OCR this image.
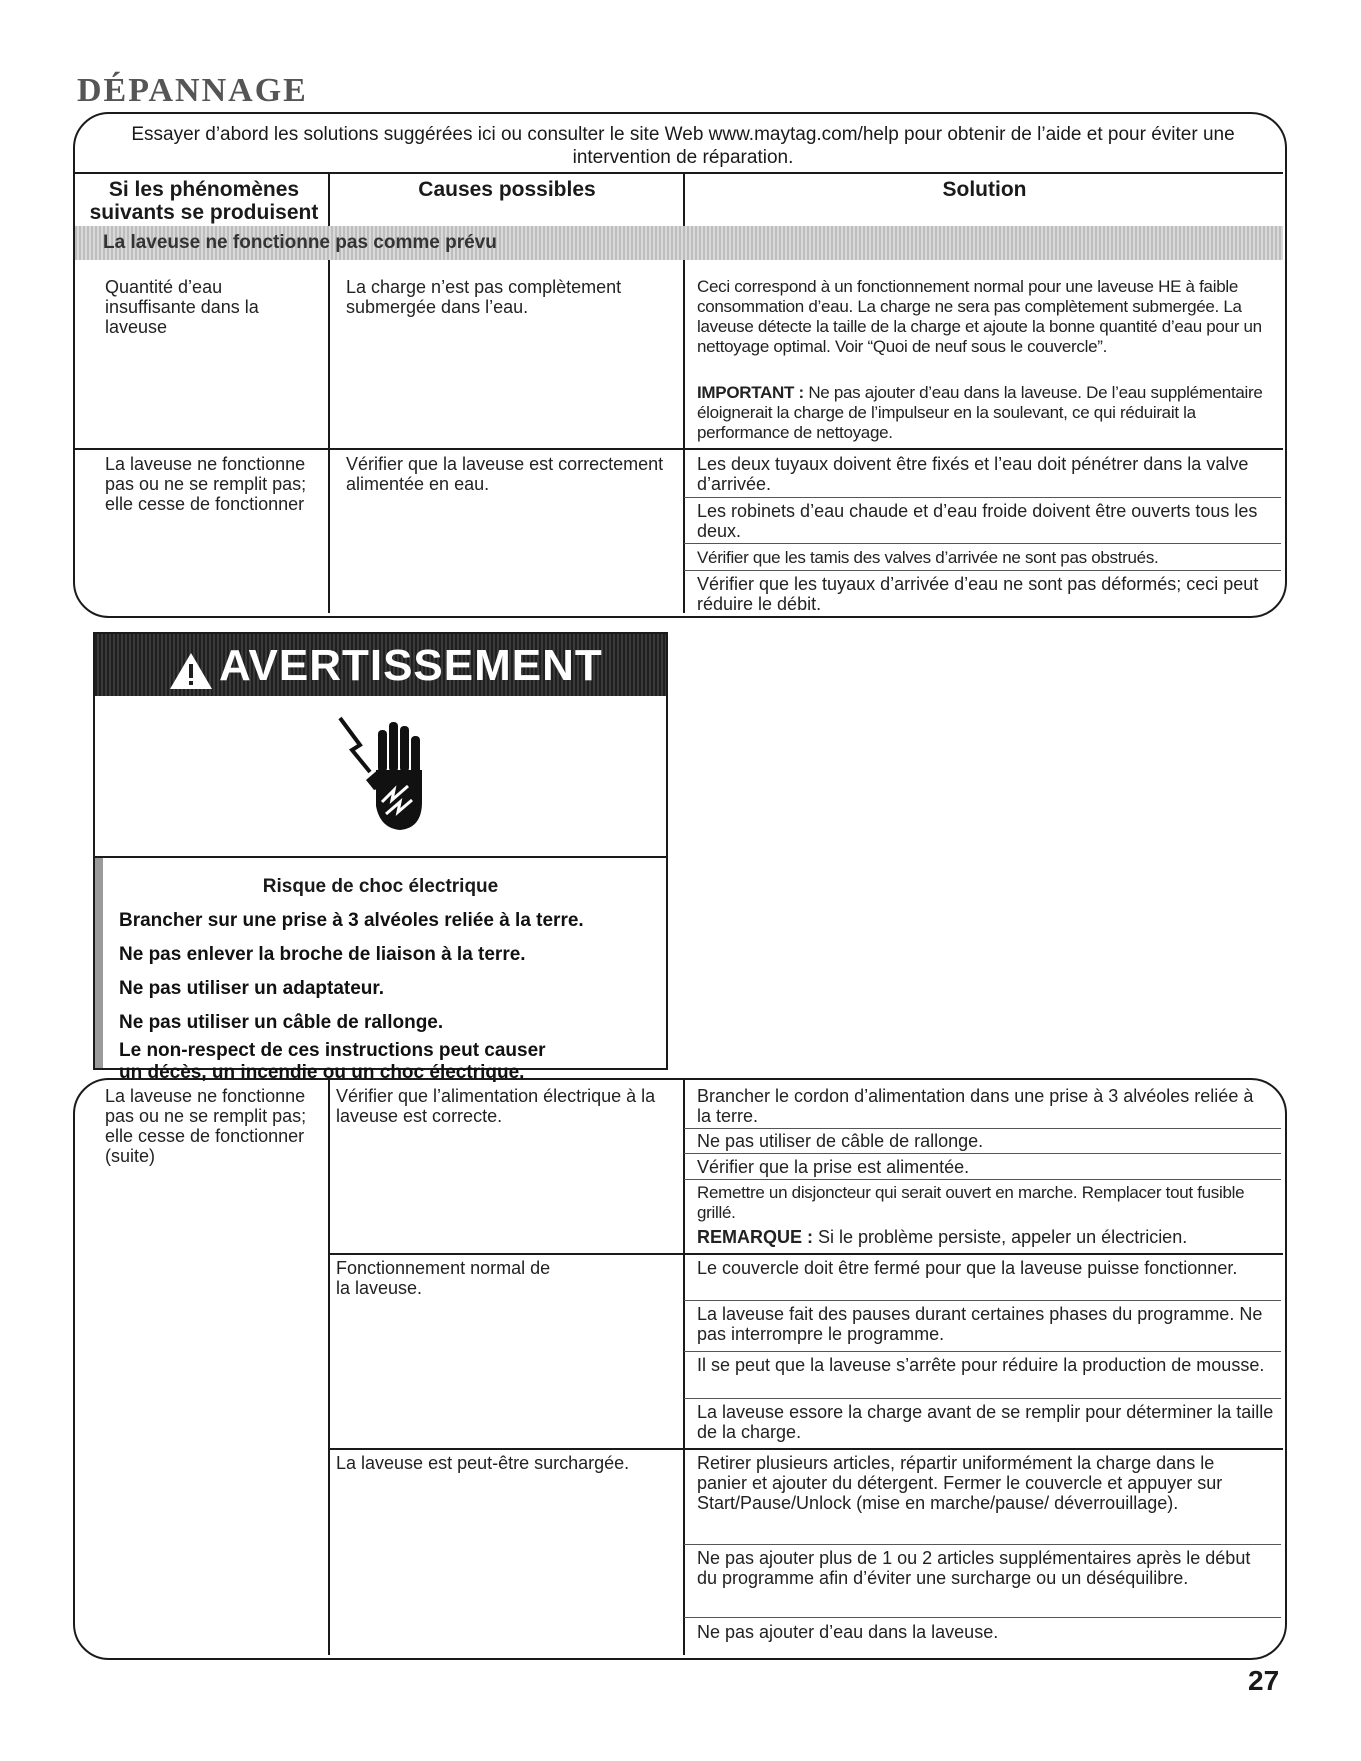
DÉPANNAGE
Essayer d’abord les solutions suggérées ici ou consulter le site Web www.maytag.com/help pour obtenir de l’aide et pour éviter une intervention de réparation.
Si les phénomènes suivants se produisent
Causes possibles	Solution
La laveuse ne fonctionne pas comme prévu
Quantité d’eau insuffisante dans la laveuse
La charge n’est pas complètement submergée dans l’eau.
Ceci correspond à un fonctionnement normal pour une laveuse HE à faible consommation d’eau. La charge ne sera pas complètement submergée. La laveuse détecte la taille de la charge et ajoute la bonne quantité d’eau pour un nettoyage optimal. Voir “Quoi de neuf sous le couvercle”.
IMPORTANT : Ne pas ajouter d’eau dans la laveuse. De l’eau supplémentaire éloignerait la charge de l’impulseur en la soulevant, ce qui réduirait la performance de nettoyage.
La laveuse ne fonctionne pas ou ne se remplit pas; elle cesse de fonctionner
Vérifier que la laveuse est correctement alimentée en eau.
Les deux tuyaux doivent être fixés et l’eau doit pénétrer dans la valve d’arrivée.
Les robinets d’eau chaude et d’eau froide doivent être ouverts tous les deux.
Vérifier que les tamis des valves d’arrivée ne sont pas obstrués.
Vérifier que les tuyaux d’arrivée d’eau ne sont pas déformés; ceci peut réduire le débit.
AVERTISSEMENT
Risque de choc électrique
Brancher sur une prise à 3 alvéoles reliée à la terre.
Ne pas enlever la broche de liaison à la terre.
Ne pas utiliser un adaptateur.
Ne pas utiliser un câble de rallonge.
Le non-respect de ces instructions peut causer un décès, un incendie ou un choc électrique.
La laveuse ne fonctionne pas ou ne se remplit pas; elle cesse de fonctionner (suite)
Vérifier que l’alimentation électrique à la laveuse est correcte.
Brancher le cordon d’alimentation dans une prise à 3 alvéoles reliée à la terre.
Ne pas utiliser de câble de rallonge.
Vérifier que la prise est alimentée.
Remettre un disjoncteur qui serait ouvert en marche. Remplacer tout fusible grillé.
REMARQUE : Si le problème persiste, appeler un électricien.
Fonctionnement normal de la laveuse.
Le couvercle doit être fermé pour que la laveuse puisse fonctionner.
La laveuse fait des pauses durant certaines phases du programme. Ne pas interrompre le programme.
Il se peut que la laveuse s’arrête pour réduire la production de mousse.
La laveuse essore la charge avant de se remplir pour déterminer la taille de la charge.
La laveuse est peut-être surchargée.	Retirer plusieurs articles, répartir uniformément la charge dans le panier et ajouter du détergent. Fermer le couvercle et appuyer sur Start/Pause/Unlock (mise en marche/pause/ déverrouillage).
Ne pas ajouter plus de 1 ou 2 articles supplémentaires après le début du programme afin d’éviter une surcharge ou un déséquilibre.
Ne pas ajouter d’eau dans la laveuse.
27
